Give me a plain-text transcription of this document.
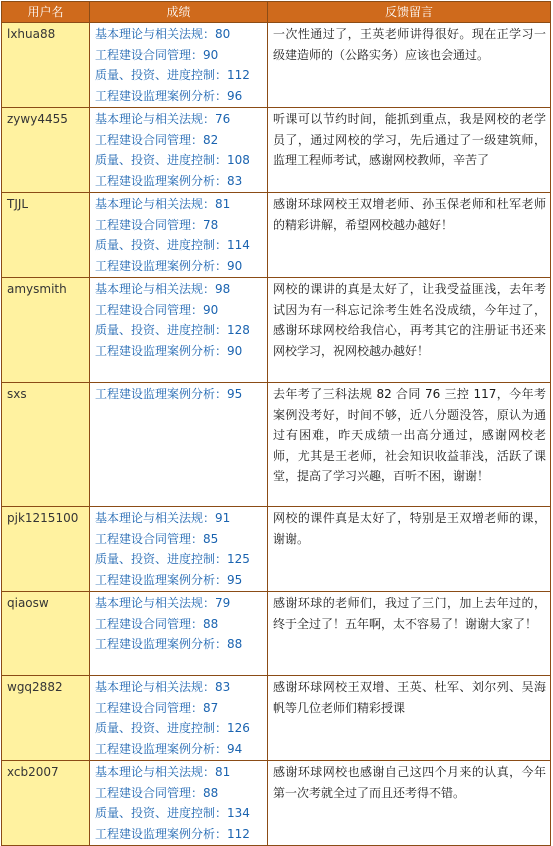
用户名	成绩	反馈留言
lxhua88	基本理论与相关法规：80
工程建设合同管理：90
质量、投资、进度控制：112
工程建设监理案例分析：96	一次性通过了，王英老师讲得很好。现在正学习一级建造师的（公路实务）应该也会通过。
zywy4455	基本理论与相关法规：76
工程建设合同管理：82
质量、投资、进度控制：108
工程建设监理案例分析：83	听课可以节约时间，能抓到重点，我是网校的老学员了，通过网校的学习，先后通过了一级建筑师，监理工程师考试，感谢网校教师，辛苦了
TJJL	基本理论与相关法规：81
工程建设合同管理：78
质量、投资、进度控制：114
工程建设监理案例分析：90	感谢环球网校王双增老师、孙玉保老师和杜军老师的精彩讲解，希望网校越办越好！
amysmith	基本理论与相关法规：98
工程建设合同管理：90
质量、投资、进度控制：128
工程建设监理案例分析：90	网校的课讲的真是太好了，让我受益匪浅，去年考试因为有一科忘记涂考生姓名没成绩，今年过了，感谢环球网校给我信心，再考其它的注册证书还来网校学习，祝网校越办越好！
sxs	工程建设监理案例分析：95	去年考了三科法规 82 合同 76 三控 117，今年考案例没考好，时间不够，近八分题没答，原认为通过有困难，昨天成绩一出高分通过，感谢网校老师，尤其是王老师，社会知识收益菲浅，活跃了课堂，提高了学习兴趣，百听不困，谢谢！
pjk1215100	基本理论与相关法规：91
工程建设合同管理：85
质量、投资、进度控制：125
工程建设监理案例分析：95	网校的课件真是太好了，特别是王双增老师的课，谢谢。
qiaosw	基本理论与相关法规：79
工程建设合同管理：88
工程建设监理案例分析：88	感谢环球的老师们，我过了三门，加上去年过的，终于全过了！五年啊，太不容易了！谢谢大家了！
wgq2882	基本理论与相关法规：83
工程建设合同管理：87
质量、投资、进度控制：126
工程建设监理案例分析：94	感谢环球网校王双增、王英、杜军、刘尔列、吴海帆等几位老师们精彩授课
xcb2007	基本理论与相关法规：81
工程建设合同管理：88
质量、投资、进度控制：134
工程建设监理案例分析：112	感谢环球网校也感谢自己这四个月来的认真，今年第一次考就全过了而且还考得不错。
